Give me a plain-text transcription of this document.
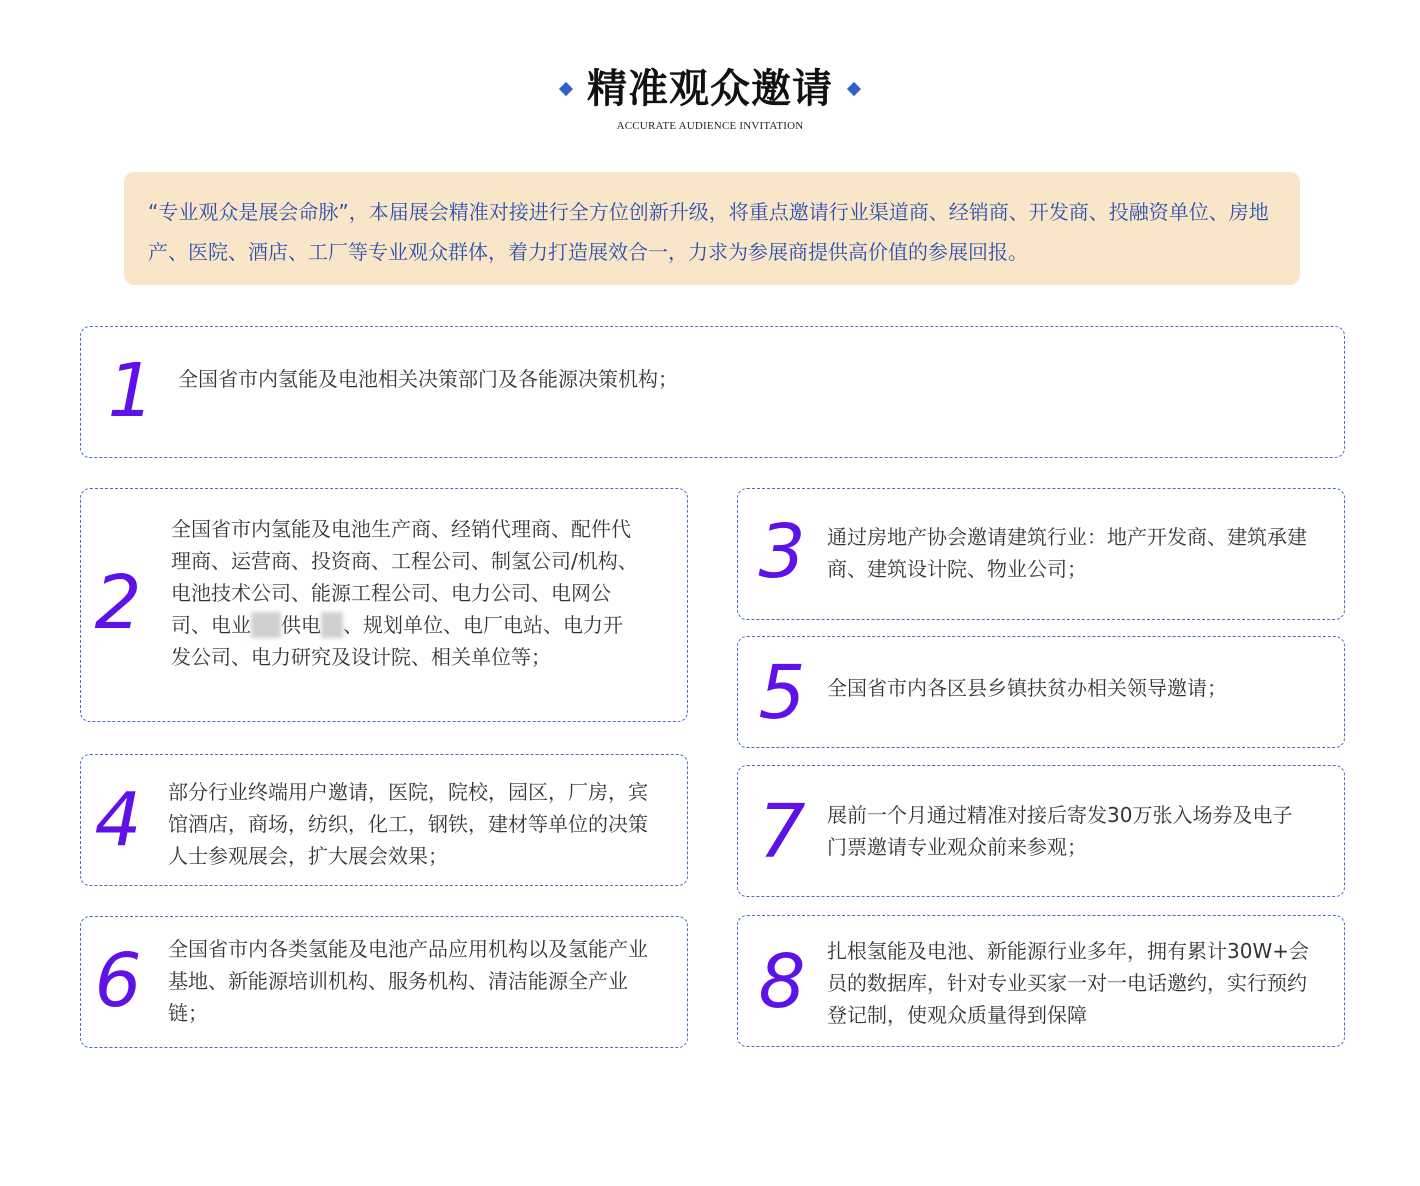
精准观众邀请
ACCURATE AUDIENCE INVITATION
“专业观众是展会命脉”，本届展会精准对接进行全方位创新升级，将重点邀请行业渠道商、经销商、开发商、投融资单位、房地产、医院、酒店、工厂等专业观众群体，着力打造展效合一，力求为参展商提供高价值的参展回报。
1	全国省市内氢能及电池相关决策部门及各能源决策机构；
2
全国省市内氢能及电池生产商、经销代理商、配件代理商、运营商、投资商、工程公司、制氢公司/机构、电池技术公司、能源工程公司、电力公司、电网公司、电业 供电 、规划单位、电厂电站、电力开发公司、电力研究及设计院、相关单位等；
3	通过房地产协会邀请建筑行业：地产开发商、建筑承建商、建筑设计院、物业公司；
4	部分行业终端用户邀请，医院，院校，园区，厂房，宾馆酒店，商场，纺织，化工，钢铁，建材等单位的决策人士参观展会，扩大展会效果；
5	全国省市内各区县乡镇扶贫办相关领导邀请；
6	全国省市内各类氢能及电池产品应用机构以及氢能产业基地、新能源培训机构、服务机构、清洁能源全产业链；
7	展前一个月通过精准对接后寄发30万张入场券及电子门票邀请专业观众前来参观；
8	扎根氢能及电池、新能源行业多年，拥有累计30W+会员的数据库，针对专业买家一对一电话邀约，实行预约登记制，使观众质量得到保障
